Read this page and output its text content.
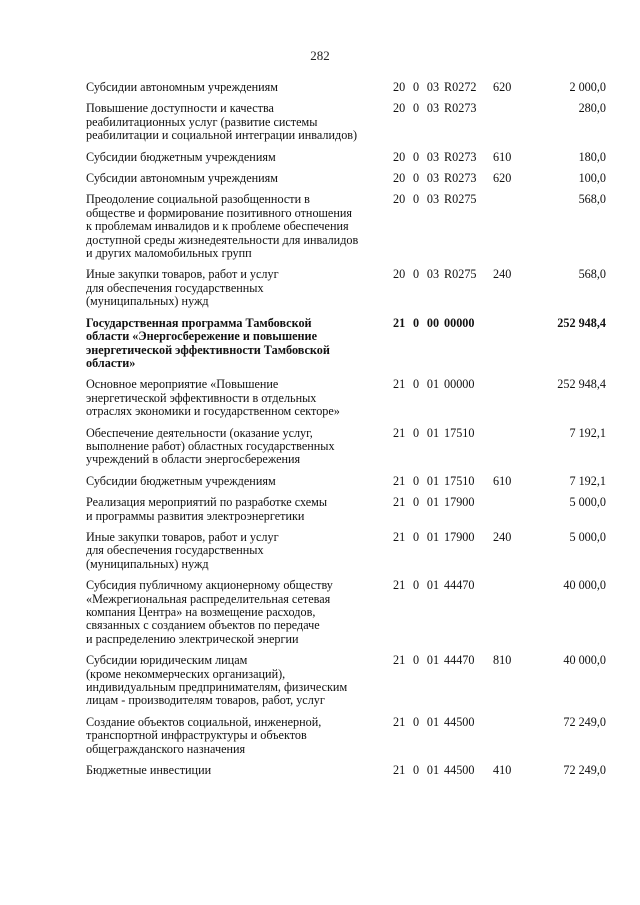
282
Субсидии автономным учреждениям	20 0 03 R0272	620	2 000,0
Повышение доступности и качества
реабилитационных услуг (развитие системы
реабилитации и социальной интеграции инвалидов)
20 0 03 R0273	280,0
Субсидии бюджетным учреждениям	20 0 03 R0273	610	180,0
Субсидии автономным учреждениям	20 0 03 R0273	620	100,0
Преодоление социальной разобщенности в
обществе и формирование позитивного отношения
к проблемам инвалидов и к проблеме обеспечения
доступной среды жизнедеятельности для инвалидов
и других маломобильных групп
20 0 03 R0275	568,0
Иные закупки товаров, работ и услуг
для обеспечения государственных
(муниципальных) нужд
20 0 03 R0275	240	568,0
Государственная программа Тамбовской
области «Энергосбережение и повышение
энергетической эффективности Тамбовской
области»
21 0 00 00000	252 948,4
Основное мероприятие «Повышение
энергетической эффективности в отдельных
отраслях экономики и государственном секторе»
21 0 01 00000	252 948,4
Обеспечение деятельности (оказание услуг,
выполнение работ) областных государственных
учреждений в области энергосбережения
21 0 01 17510	7 192,1
Субсидии бюджетным учреждениям	21 0 01 17510	610	7 192,1
Реализация мероприятий по разработке схемы
и программы развития электроэнергетики
21 0 01 17900	5 000,0
Иные закупки товаров, работ и услуг
для обеспечения государственных
(муниципальных) нужд
21 0 01 17900	240	5 000,0
Субсидия публичному акционерному обществу
«Межрегиональная распределительная сетевая
компания Центра» на возмещение расходов,
связанных с созданием объектов по передаче
и распределению электрической энергии
21 0 01 44470	40 000,0
Субсидии юридическим лицам
(кроме некоммерческих организаций),
индивидуальным предпринимателям, физическим
лицам - производителям товаров, работ, услуг
21 0 01 44470	810	40 000,0
Создание объектов социальной, инженерной,
транспортной инфраструктуры и объектов
общегражданского назначения
21 0 01 44500	72 249,0
Бюджетные инвестиции	21 0 01 44500	410	72 249,0
